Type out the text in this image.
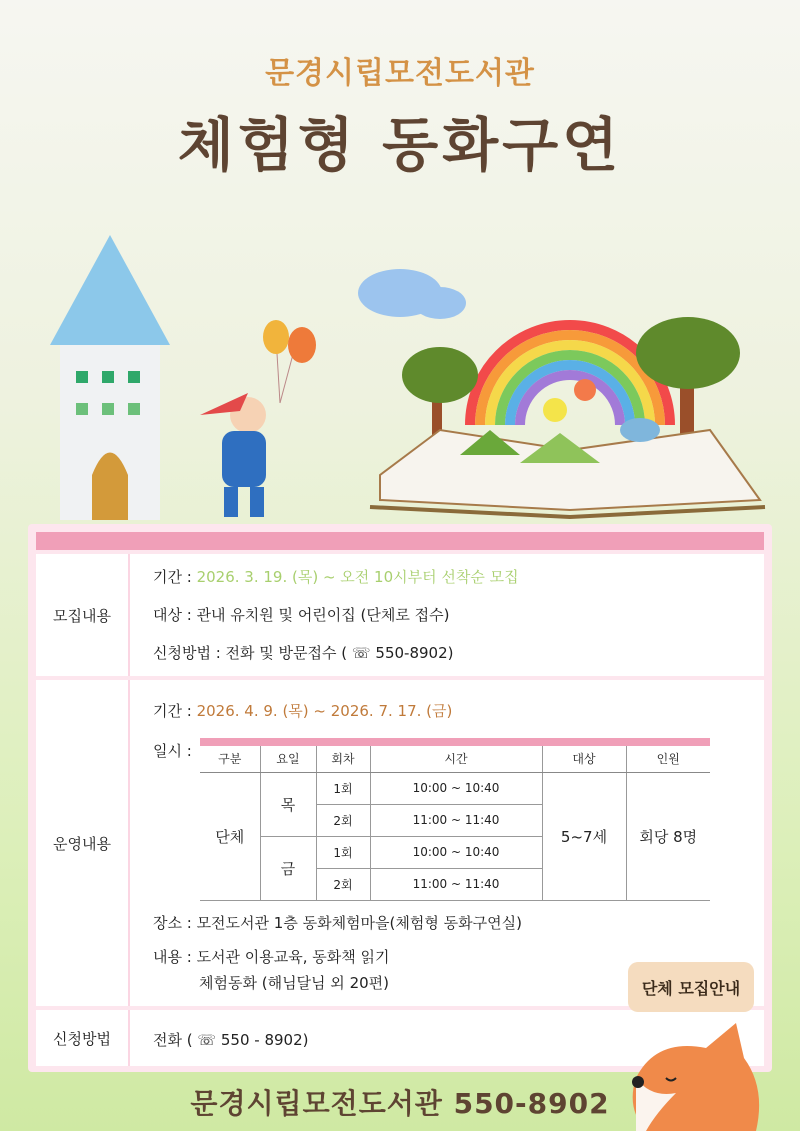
문경시립모전도서관
체험형 동화구연
모집내용
기간 : 2026. 3. 19. (목) ~ 오전 10시부터 선착순 모집
대상 : 관내 유치원 및 어린이집 (단체로 접수)
신청방법 : 전화 및 방문접수 ( ☏ 550-8902)
운영내용
기간 : 2026. 4. 9. (목) ~ 2026. 7. 17. (금)
일시 : 구분	요일	회차	시간	대상	인원
단체	목	1회	10:00 ~ 10:40	5~7세	회당 8명
		2회	11:00 ~ 11:40		
	금	1회	10:00 ~ 10:40		
		2회	11:00 ~ 11:40		
장소 : 모전도서관 1층 동화체험마을(체험형 동화구연실)
내용 : 도서관 이용교육, 동화책 읽기
체험동화 (해님달님 외 20편)
신청방법	전화 ( ☏ 550 - 8902)
단체 모집안내
문경시립모전도서관 550-8902
